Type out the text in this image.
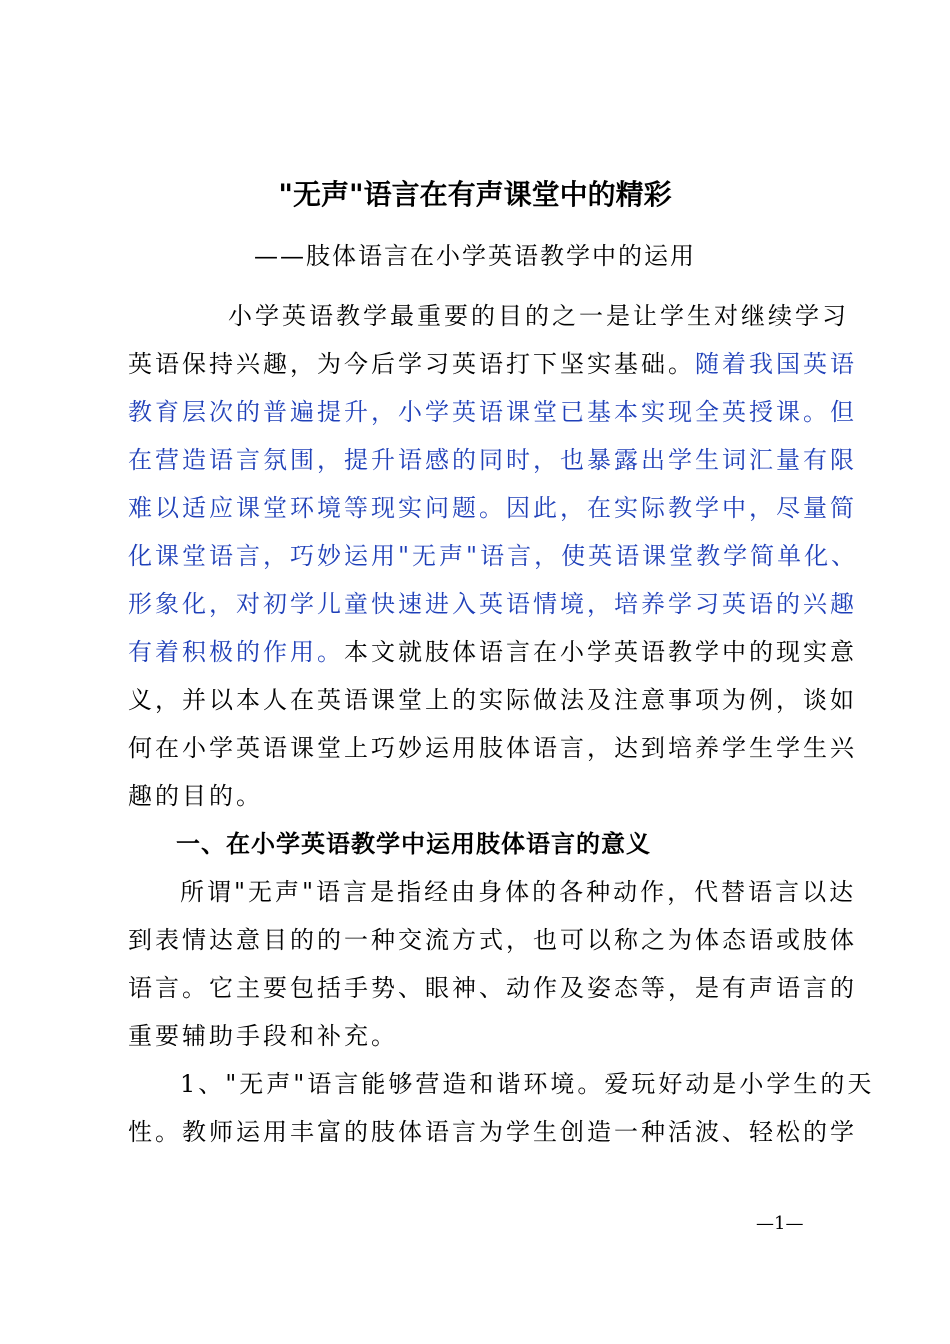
"无声"语言在有声课堂中的精彩
——肢体语言在小学英语教学中的运用
小学英语教学最重要的目的之一是让学生对继续学习
英语保持兴趣，为今后学习英语打下坚实基础。随着我国英语
教育层次的普遍提升，小学英语课堂已基本实现全英授课。但
在营造语言氛围，提升语感的同时，也暴露出学生词汇量有限
难以适应课堂环境等现实问题。因此，在实际教学中，尽量简
化课堂语言，巧妙运用"无声"语言，使英语课堂教学简单化、
形象化，对初学儿童快速进入英语情境，培养学习英语的兴趣
有着积极的作用。本文就肢体语言在小学英语教学中的现实意
义，并以本人在英语课堂上的实际做法及注意事项为例，谈如
何在小学英语课堂上巧妙运用肢体语言，达到培养学生学生兴
趣的目的。
一、在小学英语教学中运用肢体语言的意义
所谓"无声"语言是指经由身体的各种动作，代替语言以达
到表情达意目的的一种交流方式，也可以称之为体态语或肢体
语言。它主要包括手势、眼神、动作及姿态等，是有声语言的
重要辅助手段和补充。
1、"无声"语言能够营造和谐环境。爱玩好动是小学生的天
性。教师运用丰富的肢体语言为学生创造一种活波、轻松的学
—1—
